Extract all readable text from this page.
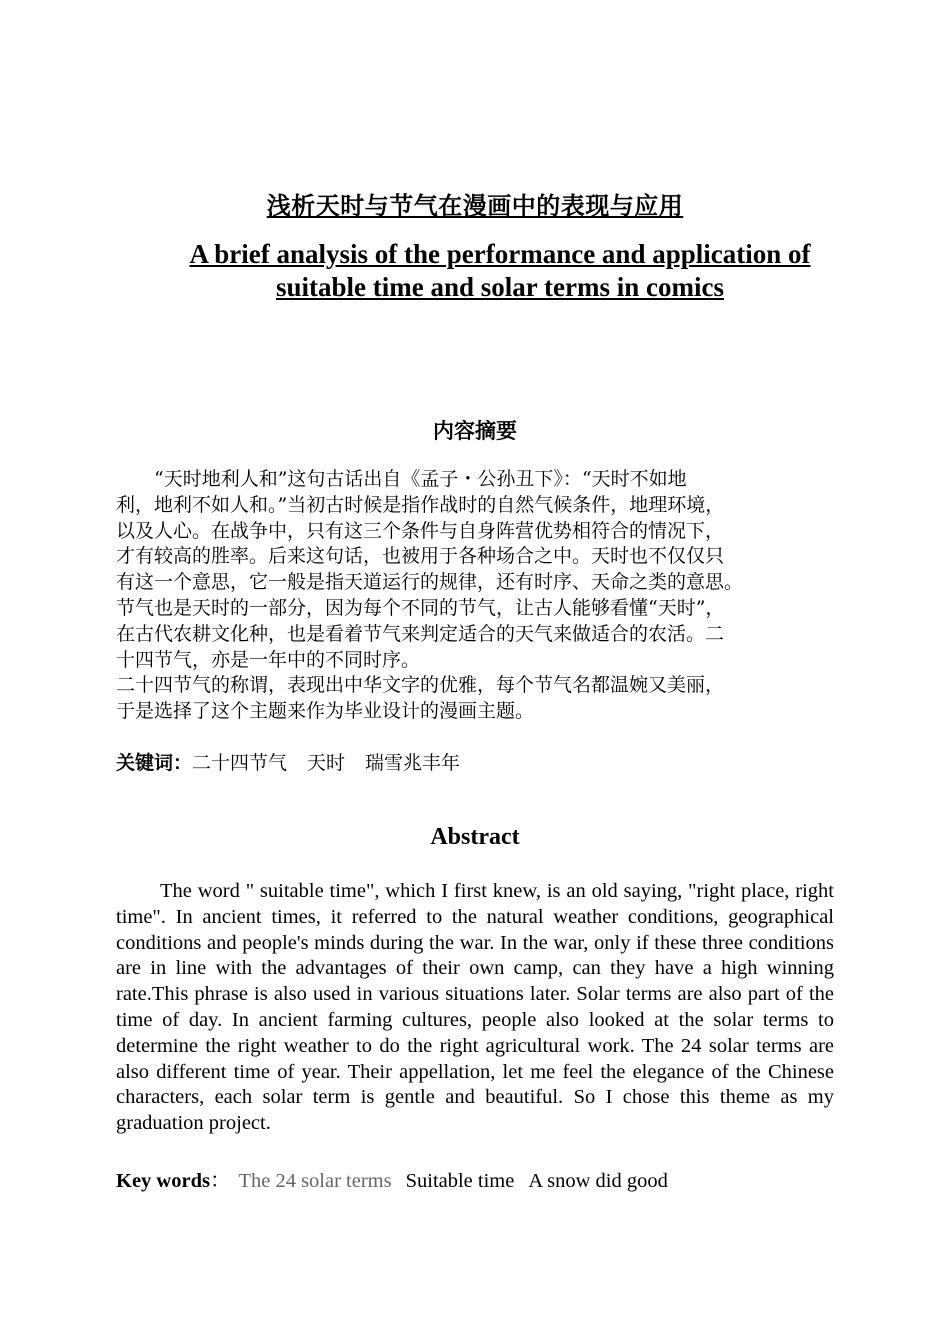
浅析天时与节气在漫画中的表现与应用
A brief analysis of the performance and application of
suitable time and solar terms in comics
内容摘要

“天时地利人和”这句古话出自《孟子・公孙丑下》：“天时不如地

利，地利不如人和。”当初古时候是指作战时的自然气候条件，地理环境，

以及人心。在战争中，只有这三个条件与自身阵营优势相符合的情况下，

才有较高的胜率。后来这句话，也被用于各种场合之中。天时也不仅仅只

有这一个意思，它一般是指天道运行的规律，还有时序、天命之类的意思。

节气也是天时的一部分，因为每个不同的节气，让古人能够看懂“天时”，

在古代农耕文化种，也是看着节气来判定适合的天气来做适合的农活。二

十四节气，亦是一年中的不同时序。

二十四节气的称谓，表现出中华文字的优雅，每个节气名都温婉又美丽，

于是选择了这个主题来作为毕业设计的漫画主题。

关键词：二十四节气 天时 瑞雪兆丰年
Abstract

The word " suitable time", which I first knew, is an old saying, "right place, right time". In ancient times, it referred to the natural weather conditions, geographical conditions and people's minds during the war. In the war, only if these three conditions are in line with the advantages of their own camp, can they have a high winning rate.This phrase is also used in various situations later. Solar terms are also part of the time of day. In ancient farming cultures, people also looked at the solar terms to determine the right weather to do the right agricultural work. The 24 solar terms are also different time of year. Their appellation, let me feel the elegance of the Chinese characters, each solar term is gentle and beautiful. So I chose this theme as my graduation project.

Key words： The 24 solar terms Suitable time A snow did good
